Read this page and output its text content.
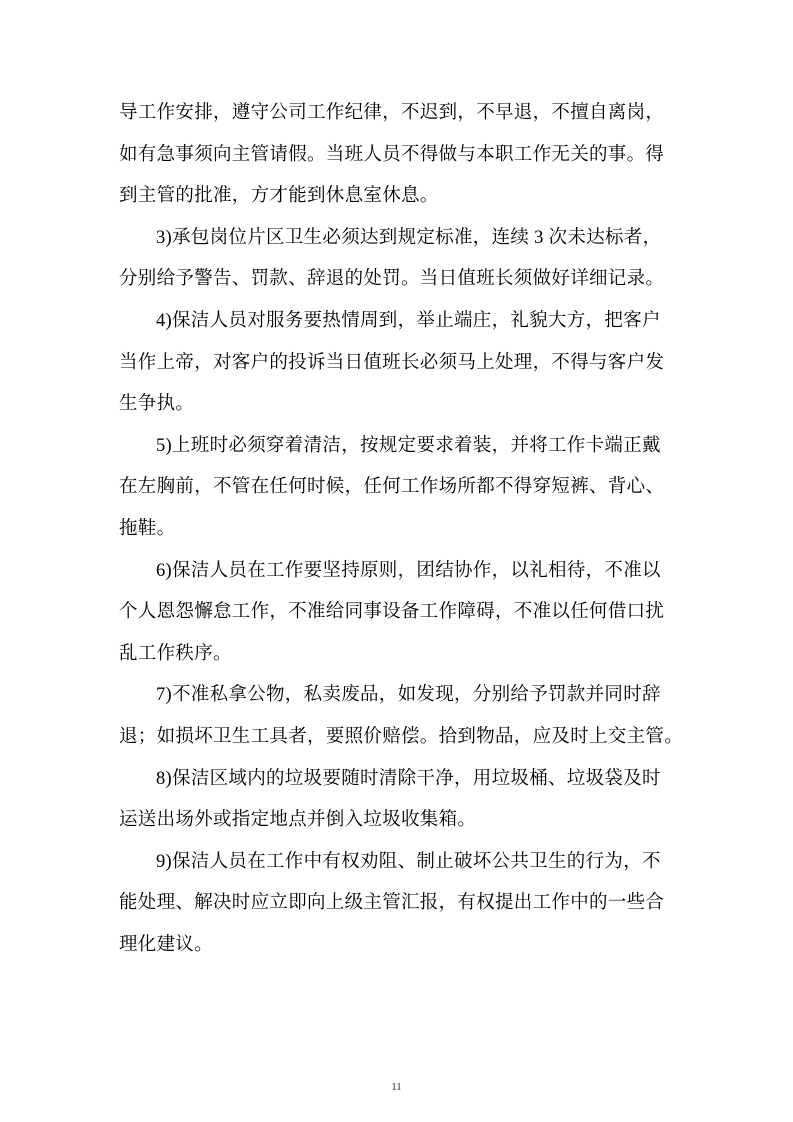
导工作安排，遵守公司工作纪律，不迟到，不早退，不擅自离岗，
如有急事须向主管请假。当班人员不得做与本职工作无关的事。得
到主管的批准，方才能到休息室休息。
3)承包岗位片区卫生必须达到规定标准，连续 3 次未达标者，
分别给予警告、罚款、辞退的处罚。当日值班长须做好详细记录。
4)保洁人员对服务要热情周到，举止端庄，礼貌大方，把客户
当作上帝，对客户的投诉当日值班长必须马上处理，不得与客户发
生争执。
5)上班时必须穿着清洁，按规定要求着装，并将工作卡端正戴
在左胸前，不管在任何时候，任何工作场所都不得穿短裤、背心、
拖鞋。
6)保洁人员在工作要坚持原则，团结协作，以礼相待，不准以
个人恩怨懈怠工作，不准给同事设备工作障碍，不准以任何借口扰
乱工作秩序。
7)不准私拿公物，私卖废品，如发现，分别给予罚款并同时辞
退；如损坏卫生工具者，要照价赔偿。拾到物品，应及时上交主管。
8)保洁区域内的垃圾要随时清除干净，用垃圾桶、垃圾袋及时
运送出场外或指定地点并倒入垃圾收集箱。
9)保洁人员在工作中有权劝阻、制止破坏公共卫生的行为，不
能处理、解决时应立即向上级主管汇报，有权提出工作中的一些合
理化建议。
11
